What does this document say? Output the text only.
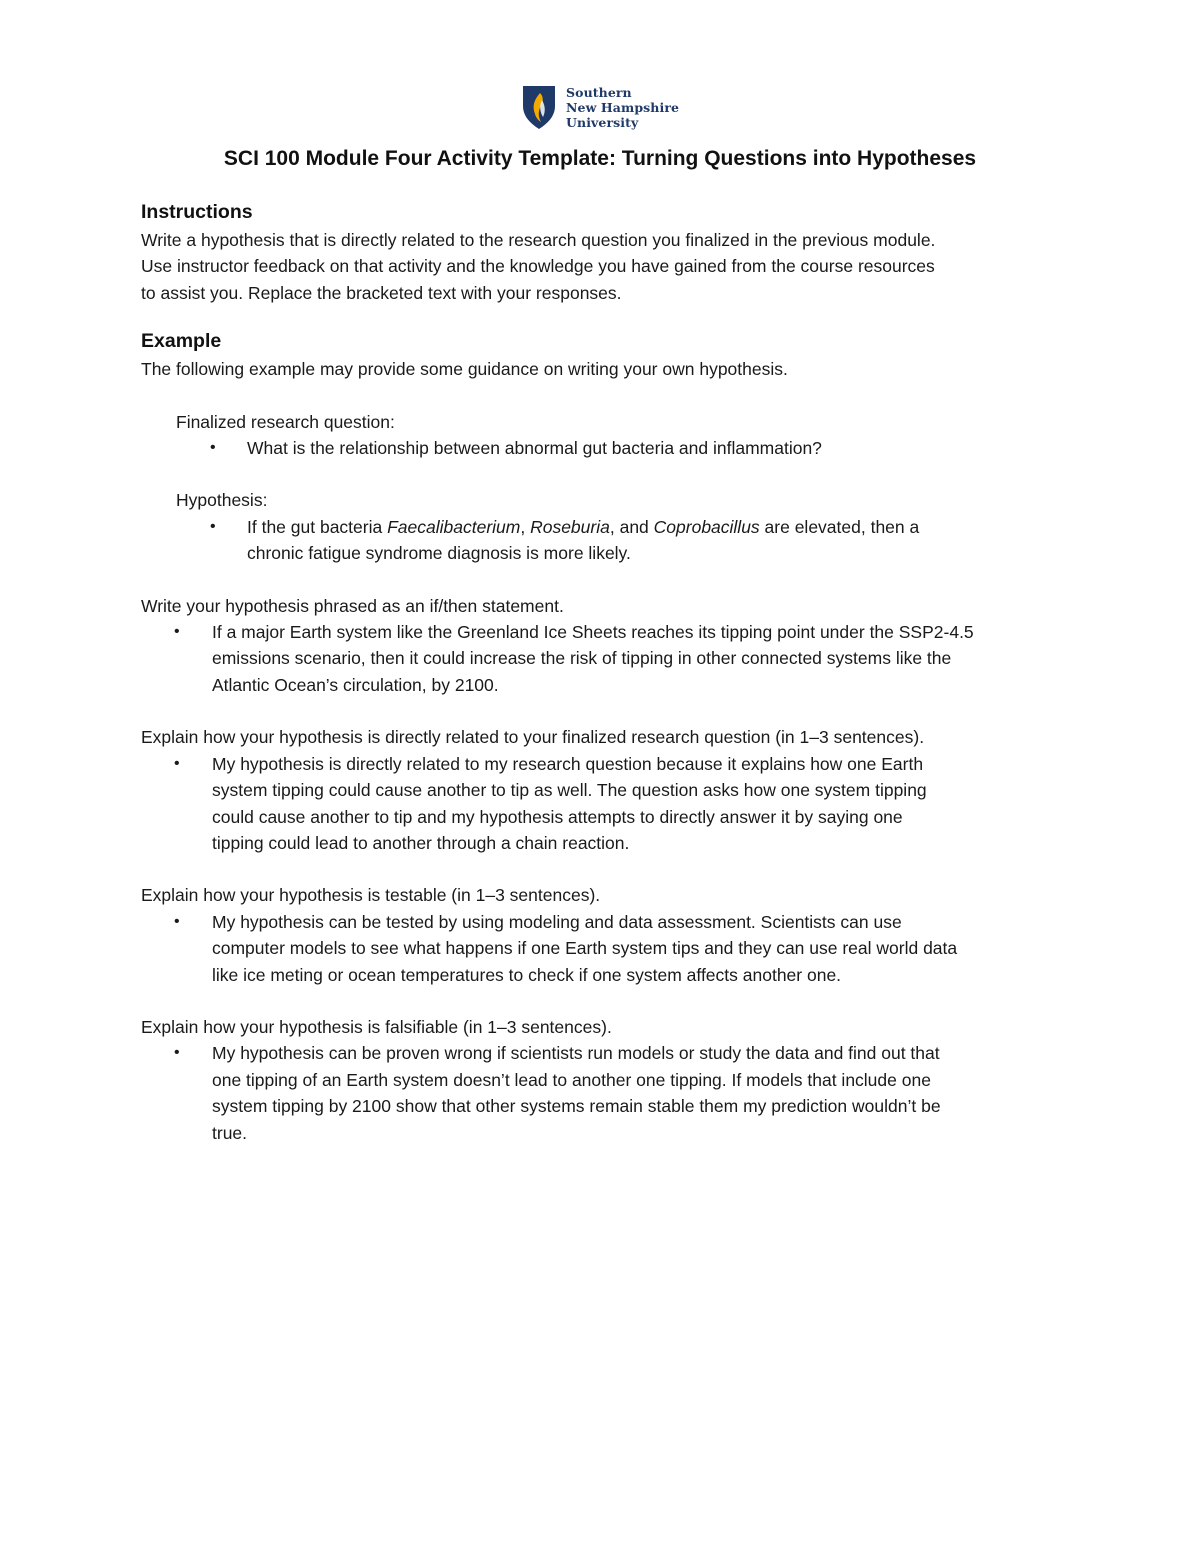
Southern
New Hampshire
University
SCI 100 Module Four Activity Template: Turning Questions into Hypotheses

Instructions

Write a hypothesis that is directly related to the research question you finalized in the previous module.

Use instructor feedback on that activity and the knowledge you have gained from the course resources

to assist you. Replace the bracketed text with your responses.

Example

The following example may provide some guidance on writing your own hypothesis.

Finalized research question:

• What is the relationship between abnormal gut bacteria and inflammation?

Hypothesis:

• If the gut bacteria Faecalibacterium, Roseburia, and Coprobacillus are elevated, then a
chronic fatigue syndrome diagnosis is more likely.

Write your hypothesis phrased as an if/then statement.

• If a major Earth system like the Greenland Ice Sheets reaches its tipping point under the SSP2-4.5
emissions scenario, then it could increase the risk of tipping in other connected systems like the
Atlantic Ocean’s circulation, by 2100.

Explain how your hypothesis is directly related to your finalized research question (in 1–3 sentences).

• My hypothesis is directly related to my research question because it explains how one Earth
system tipping could cause another to tip as well. The question asks how one system tipping
could cause another to tip and my hypothesis attempts to directly answer it by saying one
tipping could lead to another through a chain reaction.

Explain how your hypothesis is testable (in 1–3 sentences).

• My hypothesis can be tested by using modeling and data assessment. Scientists can use
computer models to see what happens if one Earth system tips and they can use real world data
like ice meting or ocean temperatures to check if one system affects another one.

Explain how your hypothesis is falsifiable (in 1–3 sentences).

• My hypothesis can be proven wrong if scientists run models or study the data and find out that
one tipping of an Earth system doesn’t lead to another one tipping. If models that include one
system tipping by 2100 show that other systems remain stable them my prediction wouldn’t be
true.
